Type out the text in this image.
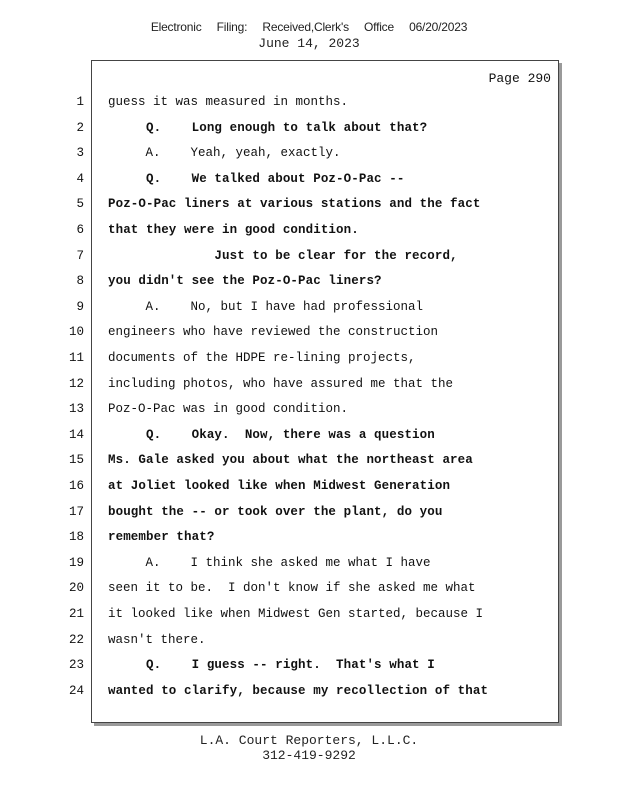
Electronic Filing: Received,Clerk's Office 06/20/2023
June 14, 2023
Page 290
1 guess it was measured in months.
2 Q.    Long enough to talk about that?
3 A.    Yeah, yeah, exactly.
4 Q.    We talked about Poz-O-Pac --
5 Poz-O-Pac liners at various stations and the fact
6 that they were in good condition.
7 Just to be clear for the record,
8 you didn't see the Poz-O-Pac liners?
9 A.    No, but I have had professional
10 engineers who have reviewed the construction
11 documents of the HDPE re-lining projects,
12 including photos, who have assured me that the
13 Poz-O-Pac was in good condition.
14 Q.    Okay.  Now, there was a question
15 Ms. Gale asked you about what the northeast area
16 at Joliet looked like when Midwest Generation
17 bought the -- or took over the plant, do you
18 remember that?
19 A.    I think she asked me what I have
20 seen it to be.  I don't know if she asked me what
21 it looked like when Midwest Gen started, because I
22 wasn't there.
23 Q.    I guess -- right.  That's what I
24 wanted to clarify, because my recollection of that
L.A. Court Reporters, L.L.C.
312-419-9292
